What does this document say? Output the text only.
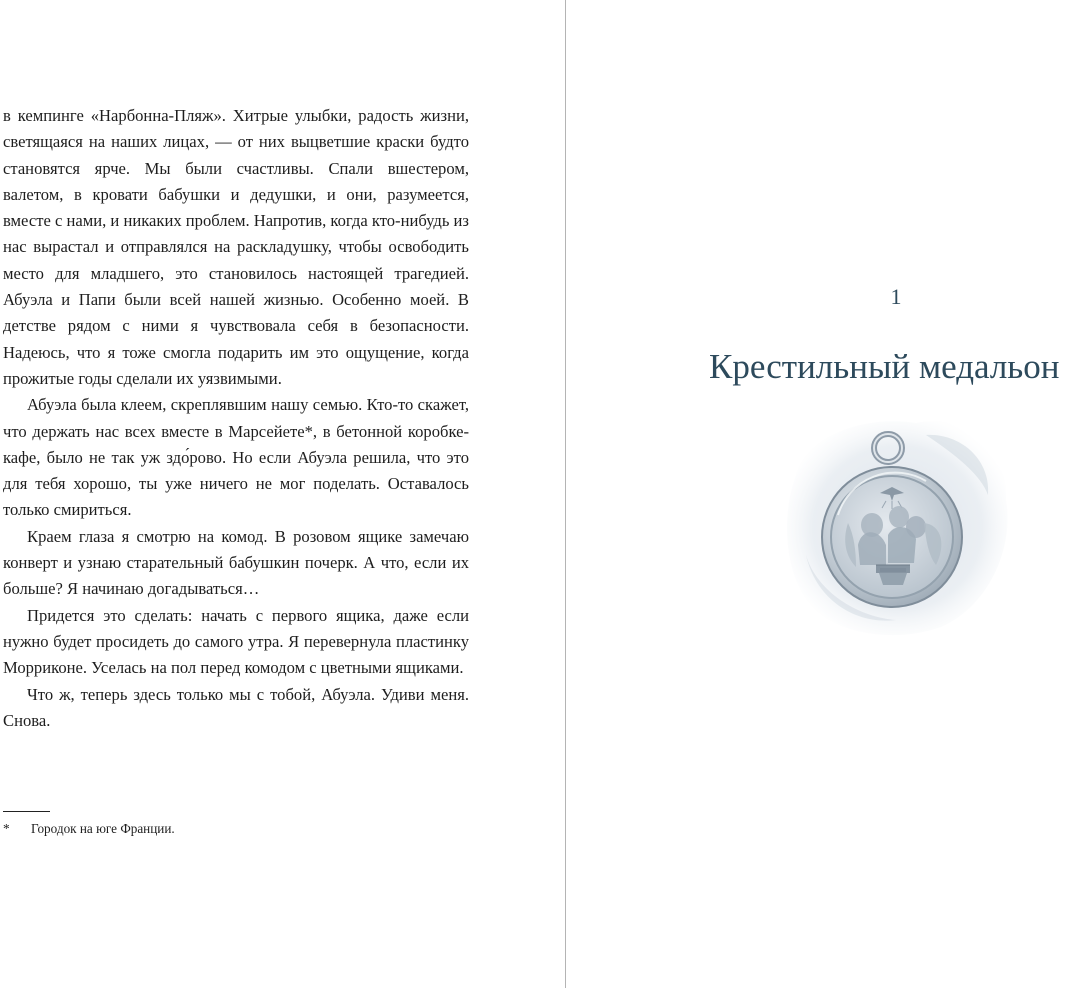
в кемпинге «Нарбонна-Пляж». Хитрые улыбки, радость жизни, светящаяся на наших лицах, — от них выцветшие краски будто становятся ярче. Мы были счастливы. Спали вшестером, валетом, в кровати бабушки и дедушки, и они, разумеется, вместе с нами, и никаких проблем. Напротив, когда кто-нибудь из нас вырастал и отправлялся на раскладушку, чтобы освободить место для младшего, это становилось настоящей трагедией. Абуэла и Папи были всей нашей жизнью. Особенно моей. В детстве рядом с ними я чувствовала себя в безопасности. Надеюсь, что я тоже смогла подарить им это ощущение, когда прожитые годы сделали их уязвимыми.

Абуэла была клеем, скреплявшим нашу семью. Кто-то скажет, что держать нас всех вместе в Марсейете*, в бетонной коробке-кафе, было не так уж здо́рово. Но если Абуэла решила, что это для тебя хорошо, ты уже ничего не мог поделать. Оставалось только смириться.

Краем глаза я смотрю на комод. В розовом ящике замечаю конверт и узнаю старательный бабушкин почерк. А что, если их больше? Я начинаю догадываться…

Придется это сделать: начать с первого ящика, даже если нужно будет просидеть до самого утра. Я перевернула пластинку Морриконе. Уселась на пол перед комодом с цветными ящиками.

Что ж, теперь здесь только мы с тобой, Абуэла. Удиви меня. Снова.

* Городок на юге Франции.
1
Крестильный медальон
